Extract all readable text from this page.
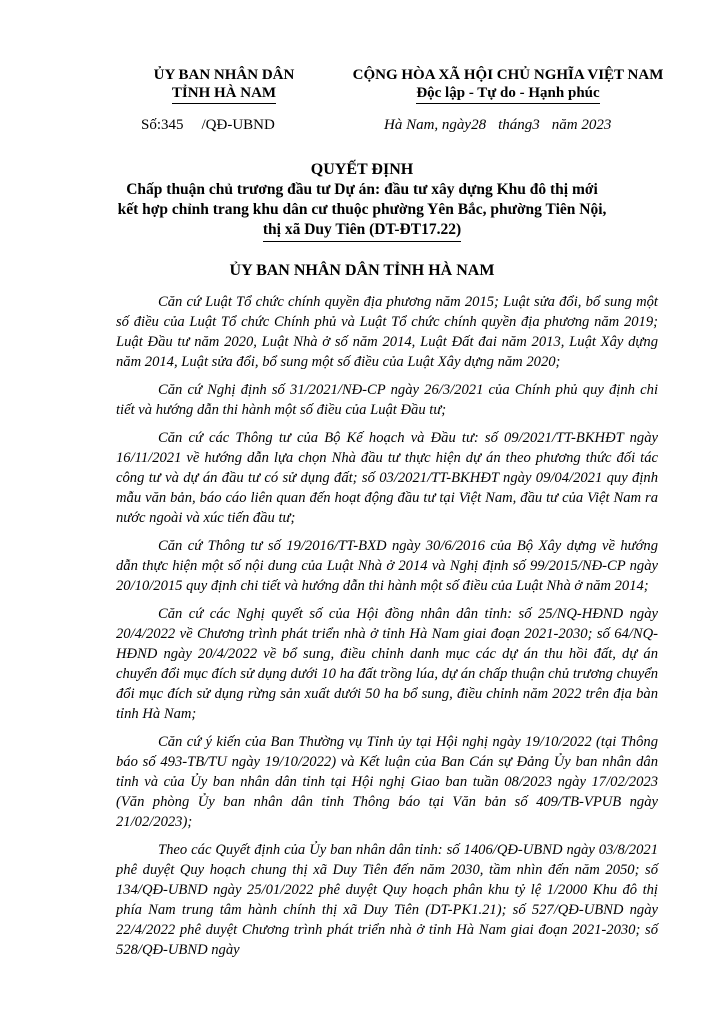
ỦY BAN NHÂN DÂN
TỈNH HÀ NAM
CỘNG HÒA XÃ HỘI CHỦ NGHĨA VIỆT NAM
Độc lập - Tự do - Hạnh phúc
Số:345 /QĐ-UBND	Hà Nam, ngày28 tháng3 năm 2023
QUYẾT ĐỊNH
Chấp thuận chủ trương đầu tư Dự án: đầu tư xây dựng Khu đô thị mới
kết hợp chỉnh trang khu dân cư thuộc phường Yên Bắc, phường Tiên Nội,
thị xã Duy Tiên (DT-ĐT17.22)
ỦY BAN NHÂN DÂN TỈNH HÀ NAM

Căn cứ Luật Tổ chức chính quyền địa phương năm 2015; Luật sửa đổi, bổ sung một số điều của Luật Tổ chức Chính phủ và Luật Tổ chức chính quyền địa phương năm 2019; Luật Đầu tư năm 2020, Luật Nhà ở số năm 2014, Luật Đất đai năm 2013, Luật Xây dựng năm 2014, Luật sửa đổi, bổ sung một số điều của Luật Xây dựng năm 2020;

Căn cứ Nghị định số 31/2021/NĐ-CP ngày 26/3/2021 của Chính phủ quy định chi tiết và hướng dẫn thi hành một số điều của Luật Đầu tư;

Căn cứ các Thông tư của Bộ Kế hoạch và Đầu tư: số 09/2021/TT-BKHĐT ngày 16/11/2021 về hướng dẫn lựa chọn Nhà đầu tư thực hiện dự án theo phương thức đối tác công tư và dự án đầu tư có sử dụng đất; số 03/2021/TT-BKHĐT ngày 09/04/2021 quy định mẫu văn bản, báo cáo liên quan đến hoạt động đầu tư tại Việt Nam, đầu tư của Việt Nam ra nước ngoài và xúc tiến đầu tư;

Căn cứ Thông tư số 19/2016/TT-BXD ngày 30/6/2016 của Bộ Xây dựng về hướng dẫn thực hiện một số nội dung của Luật Nhà ở 2014 và Nghị định số 99/2015/NĐ-CP ngày 20/10/2015 quy định chi tiết và hướng dẫn thi hành một số điều của Luật Nhà ở năm 2014;

Căn cứ các Nghị quyết số của Hội đồng nhân dân tỉnh: số 25/NQ-HĐND ngày 20/4/2022 về Chương trình phát triển nhà ở tỉnh Hà Nam giai đoạn 2021-2030; số 64/NQ-HĐND ngày 20/4/2022 về bổ sung, điều chỉnh danh mục các dự án thu hồi đất, dự án chuyển đổi mục đích sử dụng dưới 10 ha đất trồng lúa, dự án chấp thuận chủ trương chuyển đổi mục đích sử dụng rừng sản xuất dưới 50 ha bổ sung, điều chỉnh năm 2022 trên địa bàn tỉnh Hà Nam;

Căn cứ ý kiến của Ban Thường vụ Tỉnh ủy tại Hội nghị ngày 19/10/2022 (tại Thông báo số 493-TB/TU ngày 19/10/2022) và Kết luận của Ban Cán sự Đảng Ủy ban nhân dân tỉnh và của Ủy ban nhân dân tỉnh tại Hội nghị Giao ban tuần 08/2023 ngày 17/02/2023 (Văn phòng Ủy ban nhân dân tỉnh Thông báo tại Văn bản số 409/TB-VPUB ngày 21/02/2023);

Theo các Quyết định của Ủy ban nhân dân tỉnh: số 1406/QĐ-UBND ngày 03/8/2021 phê duyệt Quy hoạch chung thị xã Duy Tiên đến năm 2030, tầm nhìn đến năm 2050; số 134/QĐ-UBND ngày 25/01/2022 phê duyệt Quy hoạch phân khu tỷ lệ 1/2000 Khu đô thị phía Nam trung tâm hành chính thị xã Duy Tiên (DT-PK1.21); số 527/QĐ-UBND ngày 22/4/2022 phê duyệt Chương trình phát triển nhà ở tỉnh Hà Nam giai đoạn 2021-2030; số 528/QĐ-UBND ngày
